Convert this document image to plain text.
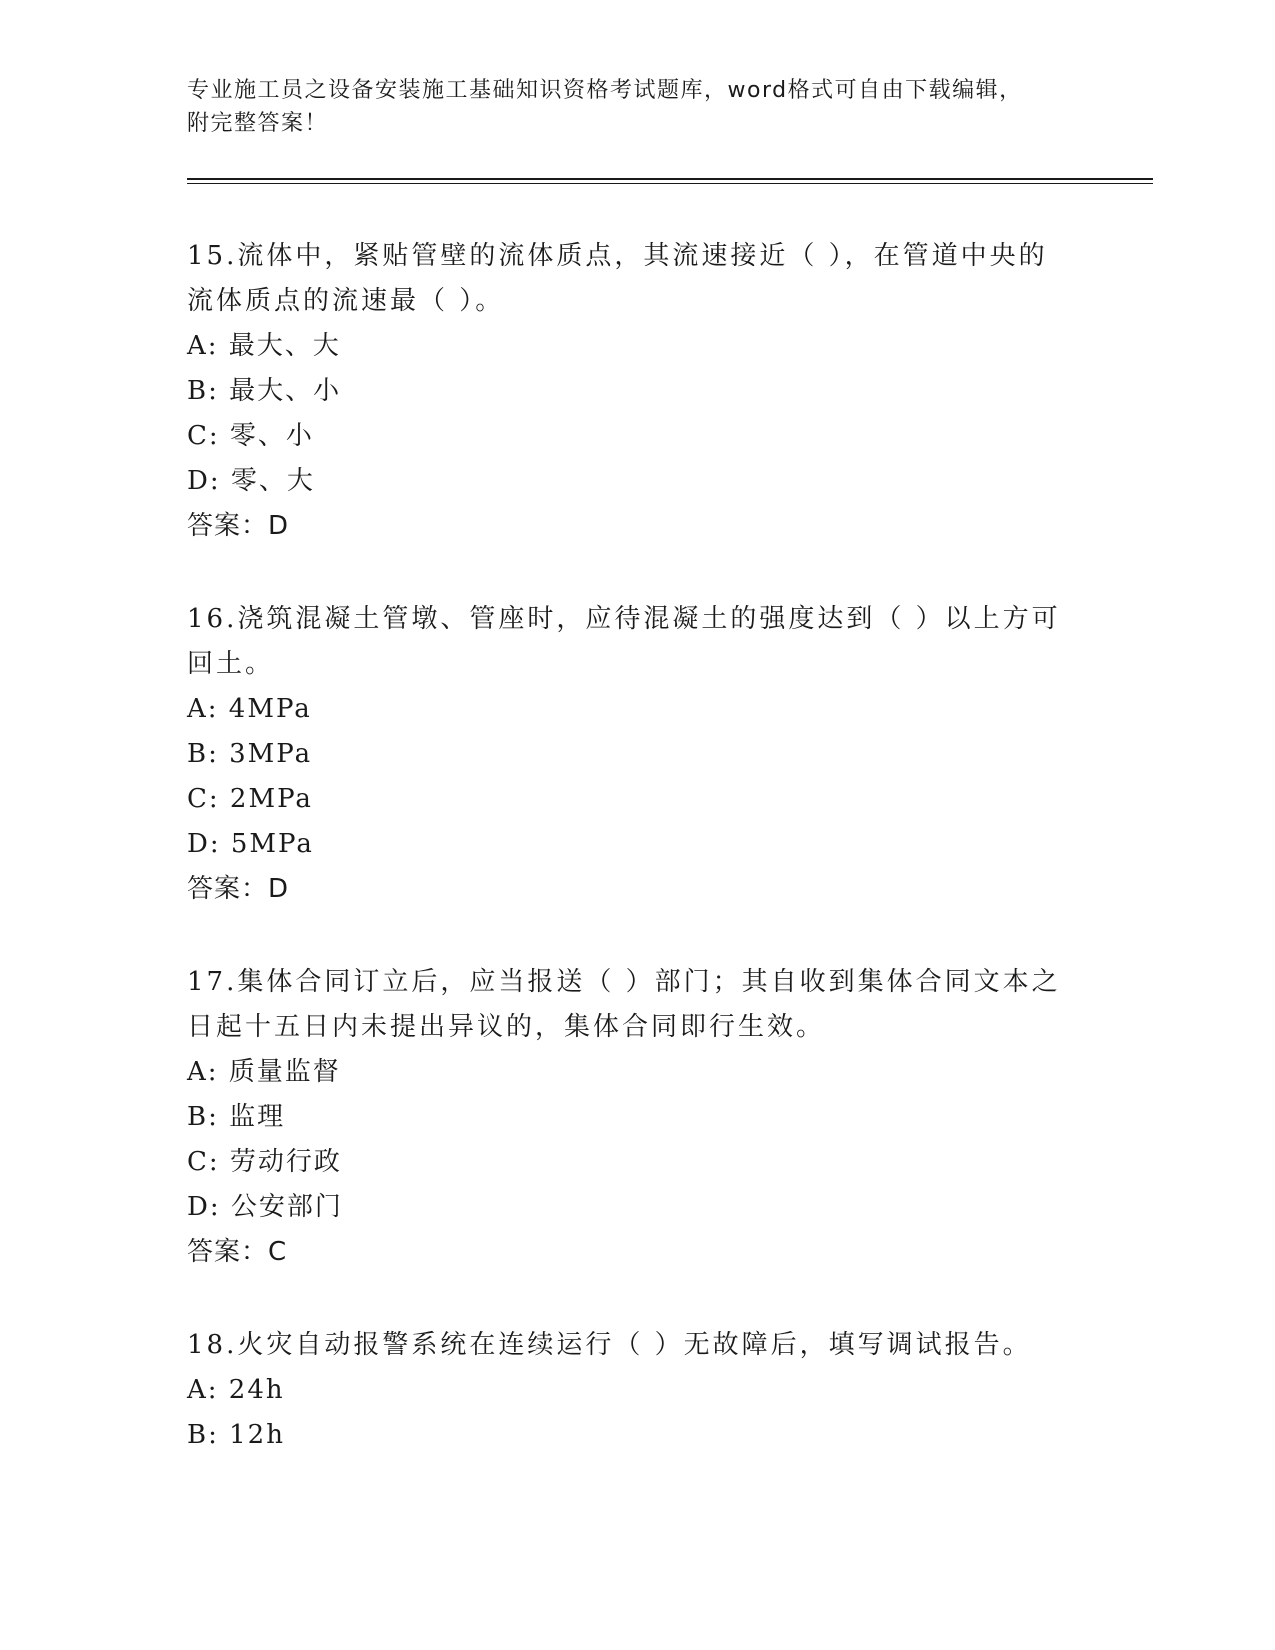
专业施工员之设备安装施工基础知识资格考试题库，word格式可自由下载编辑，
附完整答案！

15.流体中，紧贴管壁的流体质点，其流速接近（ ），在管道中央的流体质点的流速最（ ）。

A: 最大、大

B: 最大、小

C: 零、小

D: 零、大

答案：D

16.浇筑混凝土管墩、管座时，应待混凝土的强度达到（ ）以上方可回土。

A: 4MPa

B: 3MPa

C: 2MPa

D: 5MPa

答案：D

17.集体合同订立后，应当报送（ ）部门；其自收到集体合同文本之日起十五日内未提出异议的，集体合同即行生效。

A: 质量监督

B: 监理

C: 劳动行政

D: 公安部门

答案：C

18.火灾自动报警系统在连续运行（ ）无故障后，填写调试报告。

A: 24h

B: 12h
